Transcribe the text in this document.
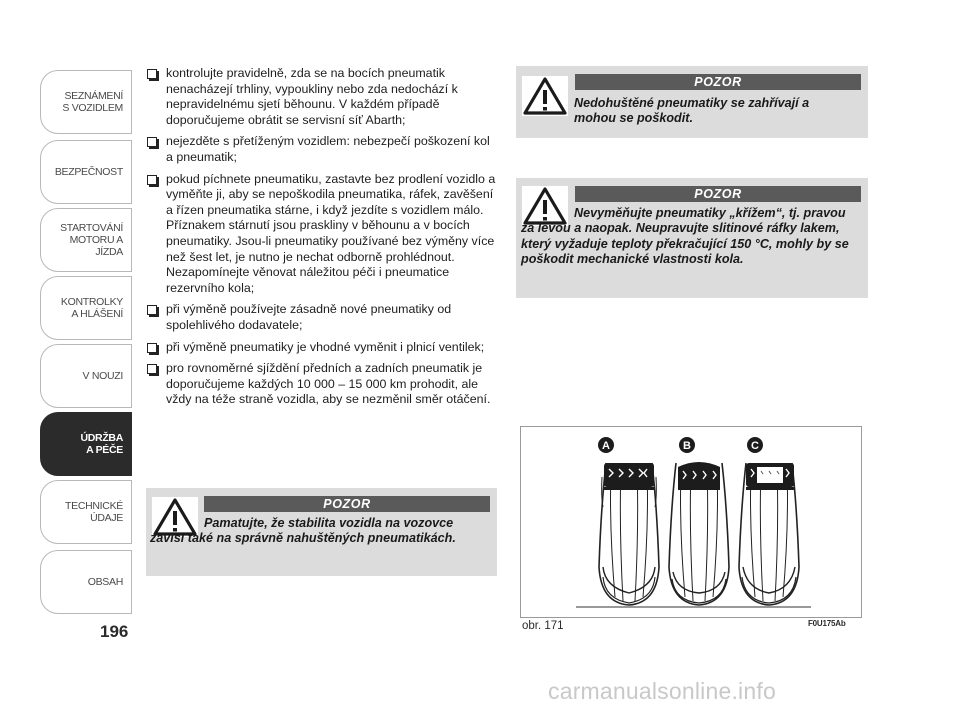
SEZNÁMENÍ
S VOZIDLEM
BEZPEČNOST
STARTOVÁNÍ
MOTORU A JÍZDA
KONTROLKY
A HLÁŠENÍ
V NOUZI
ÚDRŽBA
A PÉČE
TECHNICKÉ
ÚDAJE
OBSAH
196
kontrolujte pravidelně, zda se na bocích pneumatik nenacházejí trhliny, vypoukliny nebo zda nedochází k nepravidelnému sjetí běhounu. V každém případě doporučujeme obrátit se servisní síť Abarth;
nejezděte s přetíženým vozidlem: nebezpečí poškození kol a pneumatik;
pokud píchnete pneumatiku, zastavte bez prodlení vozidlo a vyměňte ji, aby se nepoškodila pneumatika, ráfek, zavěšení a řízen pneumatika stárne, i když jezdíte s vozidlem málo. Příznakem stárnutí jsou praskliny v běhounu a v bocích pneumatiky. Jsou-li pneumatiky používané bez výměny více než šest let, je nutno je nechat odborně prohlédnout. Nezapomínejte věnovat náležitou péči i pneumatice rezervního kola;
při výměně používejte zásadně nové pneumatiky od spolehlivého dodavatele;
při výměně pneumatiky je vhodné vyměnit i plnicí ventilek;
pro rovnoměrné sjíždění předních a zadních pneumatik je doporučujeme každých 10 000 – 15 000 km prohodit, ale vždy na téže straně vozidla, aby se nezměnil směr otáčení.
POZOR
Pamatujte, že stabilita vozidla na vozovce závisí také na správně nahuštěných pneumatikách.
POZOR
Nedohuštěné pneumatiky se zahřívají a mohou se poškodit.
POZOR
Nevyměňujte pneumatiky „křížem“, tj. pravou za levou a naopak. Neupravujte slitinové ráfky lakem, který vyžaduje teploty překračující 150 °C, mohly by se poškodit mechanické vlastnosti kola.
A	B	C
obr. 171	F0U175Ab
carmanualsonline.info
